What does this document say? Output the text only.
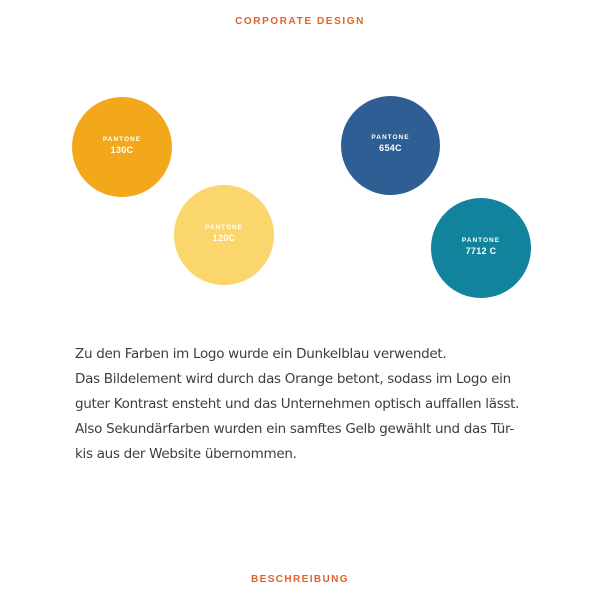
CORPORATE DESIGN
PANTONE
130C
PANTONE
120C
PANTONE
654C
PANTONE
7712 C
Zu den Farben im Logo wurde ein Dunkelblau verwendet.
Das Bildelement wird durch das Orange betont, sodass im Logo ein
guter Kontrast ensteht und das Unternehmen optisch auffallen lässt.
Also Sekundärfarben wurden ein samftes Gelb gewählt und das Tür-
kis aus der Website übernommen.
BESCHREIBUNG
